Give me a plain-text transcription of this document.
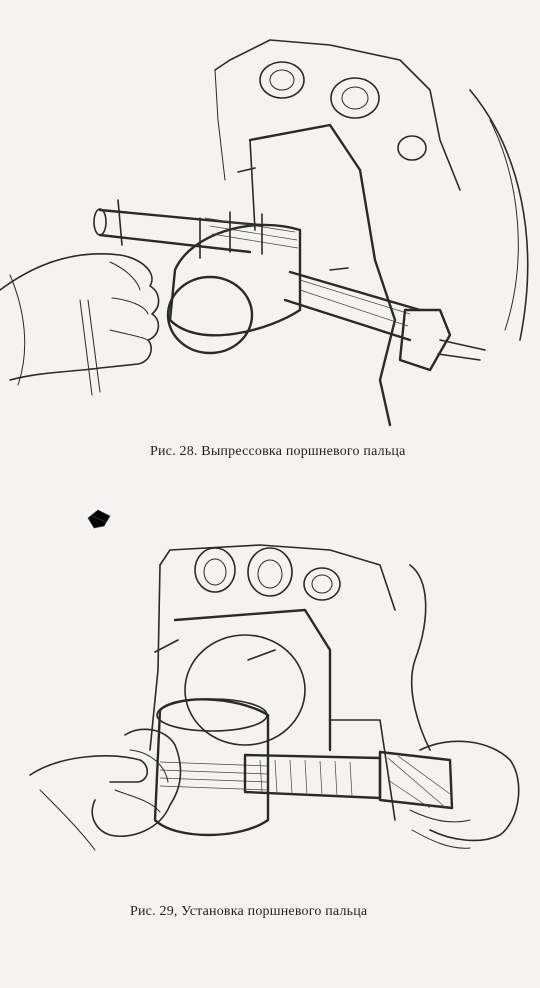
Рис. 28. Выпрессовка поршневого пальца
Рис. 29, Установка поршневого пальца
